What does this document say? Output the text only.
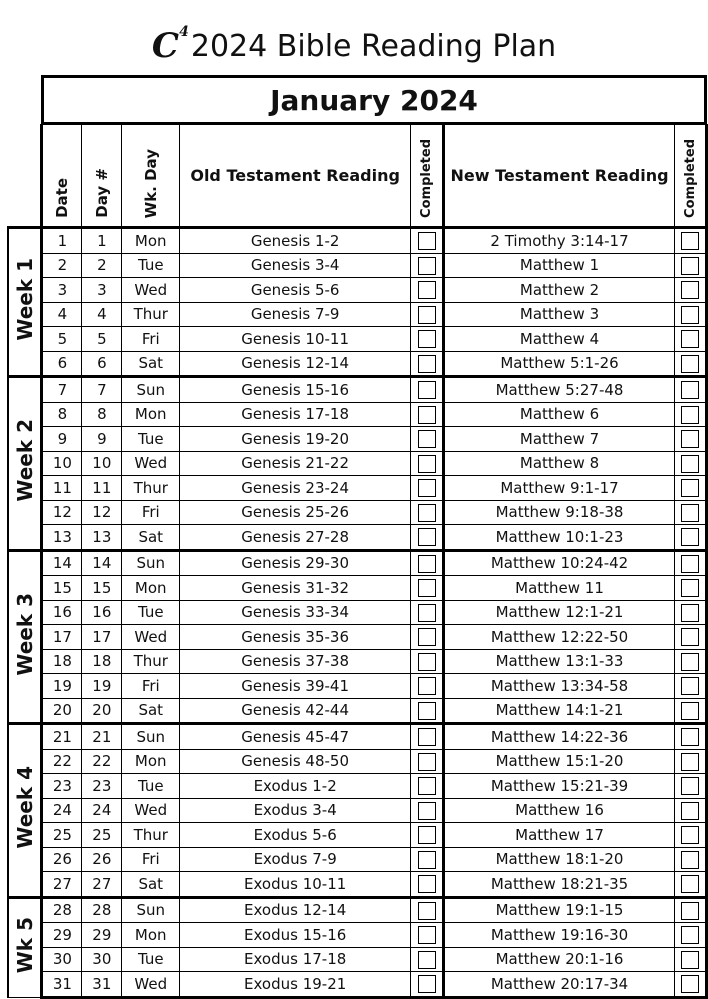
C 4 2024 Bible Reading Plan
January 2024
	Date	Day #	Wk. Day	Old Testament Reading	Completed	New Testament Reading	Completed
Week 1	1	1	Mon	Genesis 1-2		2 Timothy 3:14-17	
	2	2	Tue	Genesis 3-4		Matthew 1	
	3	3	Wed	Genesis 5-6		Matthew 2	
	4	4	Thur	Genesis 7-9		Matthew 3	
	5	5	Fri	Genesis 10-11		Matthew 4	
	6	6	Sat	Genesis 12-14		Matthew 5:1-26	
Week 2	7	7	Sun	Genesis 15-16		Matthew 5:27-48	
	8	8	Mon	Genesis 17-18		Matthew 6	
	9	9	Tue	Genesis 19-20		Matthew 7	
	10	10	Wed	Genesis 21-22		Matthew 8	
	11	11	Thur	Genesis 23-24		Matthew 9:1-17	
	12	12	Fri	Genesis 25-26		Matthew 9:18-38	
	13	13	Sat	Genesis 27-28		Matthew 10:1-23	
Week 3	14	14	Sun	Genesis 29-30		Matthew 10:24-42	
	15	15	Mon	Genesis 31-32		Matthew 11	
	16	16	Tue	Genesis 33-34		Matthew 12:1-21	
	17	17	Wed	Genesis 35-36		Matthew 12:22-50	
	18	18	Thur	Genesis 37-38		Matthew 13:1-33	
	19	19	Fri	Genesis 39-41		Matthew 13:34-58	
	20	20	Sat	Genesis 42-44		Matthew 14:1-21	
Week 4	21	21	Sun	Genesis 45-47		Matthew 14:22-36	
	22	22	Mon	Genesis 48-50		Matthew 15:1-20	
	23	23	Tue	Exodus 1-2		Matthew 15:21-39	
	24	24	Wed	Exodus 3-4		Matthew 16	
	25	25	Thur	Exodus 5-6		Matthew 17	
	26	26	Fri	Exodus 7-9		Matthew 18:1-20	
	27	27	Sat	Exodus 10-11		Matthew 18:21-35	
Wk 5	28	28	Sun	Exodus 12-14		Matthew 19:1-15	
	29	29	Mon	Exodus 15-16		Matthew 19:16-30	
	30	30	Tue	Exodus 17-18		Matthew 20:1-16	
	31	31	Wed	Exodus 19-21		Matthew 20:17-34	
